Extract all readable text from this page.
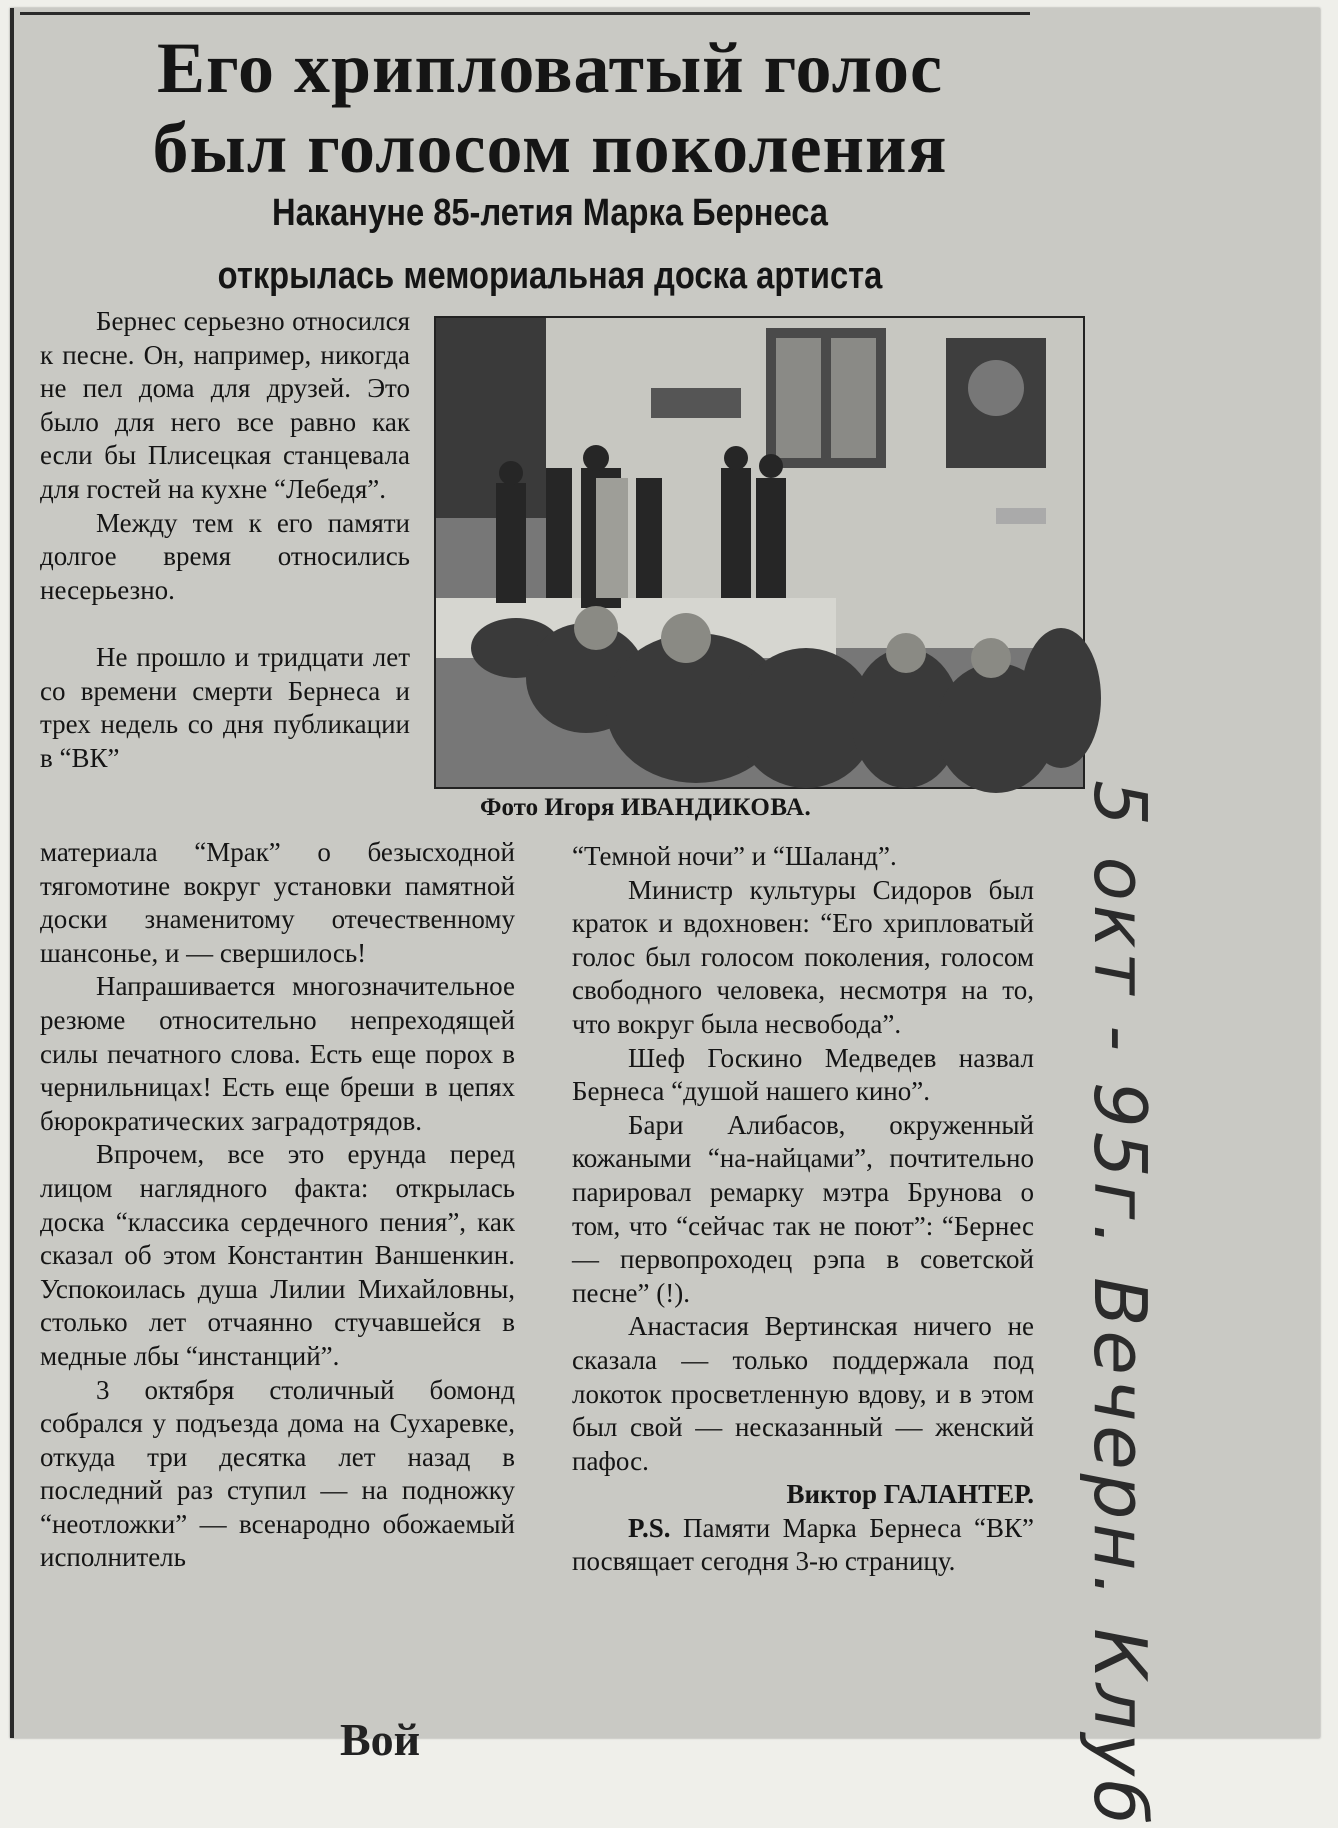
Его хрипловатый голос
был голосом поколения
Накануне 85-летия Марка Бернеса
открылась мемориальная доска артиста

Бернес серьезно относился к песне. Он, например, никогда не пел дома для друзей. Это было для него все равно как если бы Плисецкая станцевала для гостей на кухне “Лебедя”.

Между тем к его памяти долгое время относились несерьезно.

Не прошло и тридцати лет со времени смерти Бернеса и трех недель со дня публикации в “ВК”

Фото Игоря ИВАНДИКОВА.

материала “Мрак” о безысходной тягомотине вокруг установки памятной доски знаменитому отечественному шансонье, и — свершилось!

Напрашивается многозначительное резюме относительно непреходящей силы печатного слова. Есть еще порох в чернильницах! Есть еще бреши в цепях бюрократических заградотрядов.

Впрочем, все это ерунда перед лицом наглядного факта: открылась доска “классика сердечного пения”, как сказал об этом Константин Ваншенкин. Успокоилась душа Лилии Михайловны, столько лет отчаянно стучавшейся в медные лбы “инстанций”.

3 октября столичный бомонд собрался у подъезда дома на Сухаревке, откуда три десятка лет назад в последний раз ступил — на подножку “неотложки” — всенародно обожаемый исполнитель

“Темной ночи” и “Шаланд”.

Министр культуры Сидоров был краток и вдохновен: “Его хрипловатый голос был голосом поколения, голосом свободного человека, несмотря на то, что вокруг была несвобода”.

Шеф Госкино Медведев назвал Бернеса “душой нашего кино”.

Бари Алибасов, окруженный кожаными “на-найцами”, почтительно парировал ремарку мэтра Брунова о том, что “сейчас так не поют”: “Бернес — первопроходец рэпа в советской песне” (!).

Анастасия Вертинская ничего не сказала — только поддержала под локоток просветленную вдову, и в этом был свой — несказанный — женский пафос.

Виктор ГАЛАНТЕР.

P.S. Памяти Марка Бернеса “ВК” посвящает сегодня 3-ю страницу.	5 окт - 95г. Вечерн. Клуб
Вой
